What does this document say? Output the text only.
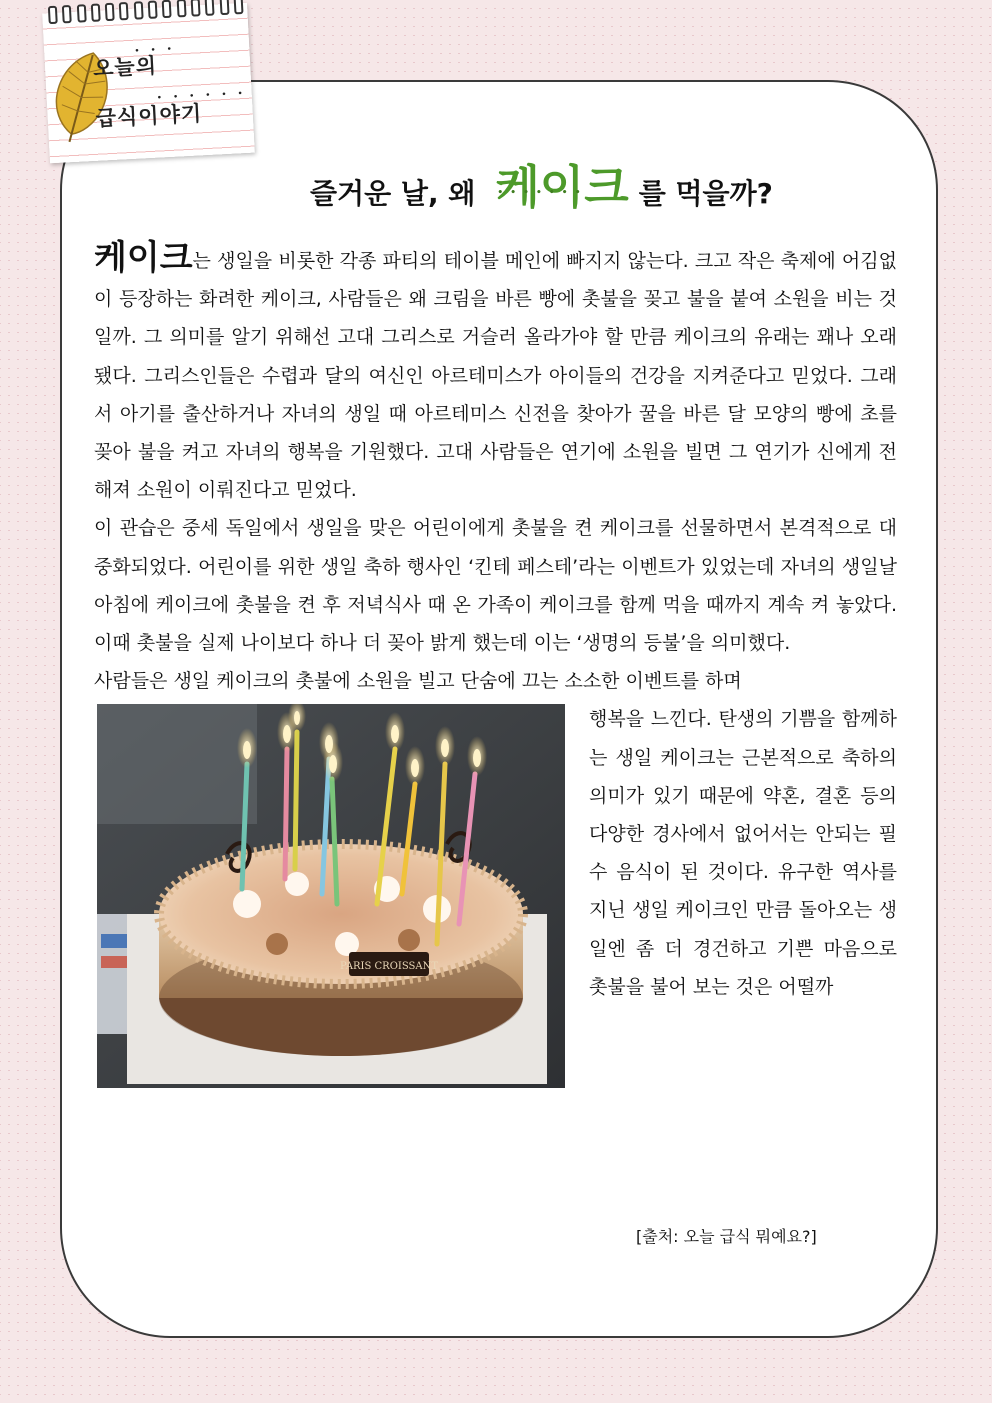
오늘의
• • •
급식이야기
• • • • • •
즐거운 날, 왜 케이크 • • • 를 먹을까?

케이크는 생일을 비롯한 각종 파티의 테이블 메인에 빠지지 않는다. 크고 작은 축제에 어김없이 등장하는 화려한 케이크, 사람들은 왜 크림을 바른 빵에 촛불을 꽂고 불을 붙여 소원을 비는 것일까. 그 의미를 알기 위해선 고대 그리스로 거슬러 올라가야 할 만큼 케이크의 유래는 꽤나 오래됐다. 그리스인들은 수렵과 달의 여신인 아르테미스가 아이들의 건강을 지켜준다고 믿었다. 그래서 아기를 출산하거나 자녀의 생일 때 아르테미스 신전을 찾아가 꿀을 바른 달 모양의 빵에 초를 꽂아 불을 켜고 자녀의 행복을 기원했다. 고대 사람들은 연기에 소원을 빌면 그 연기가 신에게 전해져 소원이 이뤄진다고 믿었다.

이 관습은 중세 독일에서 생일을 맞은 어린이에게 촛불을 켠 케이크를 선물하면서 본격적으로 대중화되었다. 어린이를 위한 생일 축하 행사인 ‘킨테 페스테’라는 이벤트가 있었는데 자녀의 생일날 아침에 케이크에 촛불을 켠 후 저녁식사 때 온 가족이 케이크를 함께 먹을 때까지 계속 켜 놓았다. 이때 촛불을 실제 나이보다 하나 더 꽂아 밝게 했는데 이는 ‘생명의 등불’을 의미했다.

사람들은 생일 케이크의 촛불에 소원을 빌고 단숨에 끄는 소소한 이벤트를 하며

PARIS CROISSANT

행복을 느낀다. 탄생의 기쁨을 함께하는 생일 케이크는 근본적으로 축하의 의미가 있기 때문에 약혼, 결혼 등의 다양한 경사에서 없어서는 안되는 필수 음식이 된 것이다. 유구한 역사를 지닌 생일 케이크인 만큼 돌아오는 생일엔 좀 더 경건하고 기쁜 마음으로 촛불을 불어 보는 것은 어떨까

[출처: 오늘 급식 뭐예요?]
